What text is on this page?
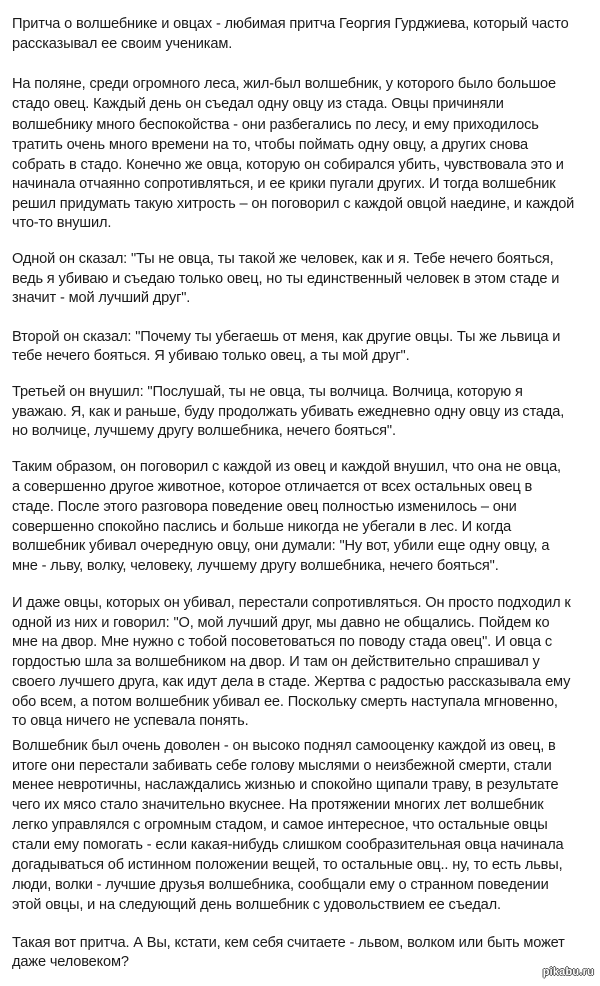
Притча о волшебнике и овцах - любимая притча Георгия Гурджиева, который часто
рассказывал ее своим ученикам.
На поляне, среди огромного леса, жил-был волшебник, у которого было большое
стадо овец. Каждый день он съедал одну овцу из стада. Овцы причиняли
волшебнику много беспокойства - они разбегались по лесу, и ему приходилось
тратить очень много времени на то, чтобы поймать одну овцу, а других снова
собрать в стадо. Конечно же овца, которую он собирался убить, чувствовала это и
начинала отчаянно сопротивляться, и ее крики пугали других. И тогда волшебник
решил придумать такую хитрость – он поговорил с каждой овцой наедине, и каждой
что-то внушил.
Одной он сказал: "Ты не овца, ты такой же человек, как и я. Тебе нечего бояться,
ведь я убиваю и съедаю только овец, но ты единственный человек в этом стаде и
значит - мой лучший друг".
Второй он сказал: "Почему ты убегаешь от меня, как другие овцы. Ты же львица и
тебе нечего бояться. Я убиваю только овец, а ты мой друг".
Третьей он внушил: "Послушай, ты не овца, ты волчица. Волчица, которую я
уважаю. Я, как и раньше, буду продолжать убивать ежедневно одну овцу из стада,
но волчице, лучшему другу волшебника, нечего бояться".
Таким образом, он поговорил с каждой из овец и каждой внушил, что она не овца,
а совершенно другое животное, которое отличается от всех остальных овец в
стаде. После этого разговора поведение овец полностью изменилось – они
совершенно спокойно паслись и больше никогда не убегали в лес. И когда
волшебник убивал очередную овцу, они думали: "Ну вот, убили еще одну овцу, а
мне - льву, волку, человеку, лучшему другу волшебника, нечего бояться".
И даже овцы, которых он убивал, перестали сопротивляться. Он просто подходил к
одной из них и говорил: "О, мой лучший друг, мы давно не общались. Пойдем ко
мне на двор. Мне нужно с тобой посоветоваться по поводу стада овец". И овца с
гордостью шла за волшебником на двор. И там он действительно спрашивал у
своего лучшего друга, как идут дела в стаде. Жертва с радостью рассказывала ему
обо всем, а потом волшебник убивал ее. Поскольку смерть наступала мгновенно,
то овца ничего не успевала понять.
Волшебник был очень доволен - он высоко поднял самооценку каждой из овец, в
итоге они перестали забивать себе голову мыслями о неизбежной смерти, стали
менее невротичны, наслаждались жизнью и спокойно щипали траву, в результате
чего их мясо стало значительно вкуснее. На протяжении многих лет волшебник
легко управлялся с огромным стадом, и самое интересное, что остальные овцы
стали ему помогать - если какая-нибудь слишком сообразительная овца начинала
догадываться об истинном положении вещей, то остальные овц.. ну, то есть львы,
люди, волки - лучшие друзья волшебника, сообщали ему о странном поведении
этой овцы, и на следующий день волшебник с удовольствием ее съедал.
Такая вот притча. А Вы, кстати, кем себя считаете - львом, волком или быть может
даже человеком?
pikabu.ru
